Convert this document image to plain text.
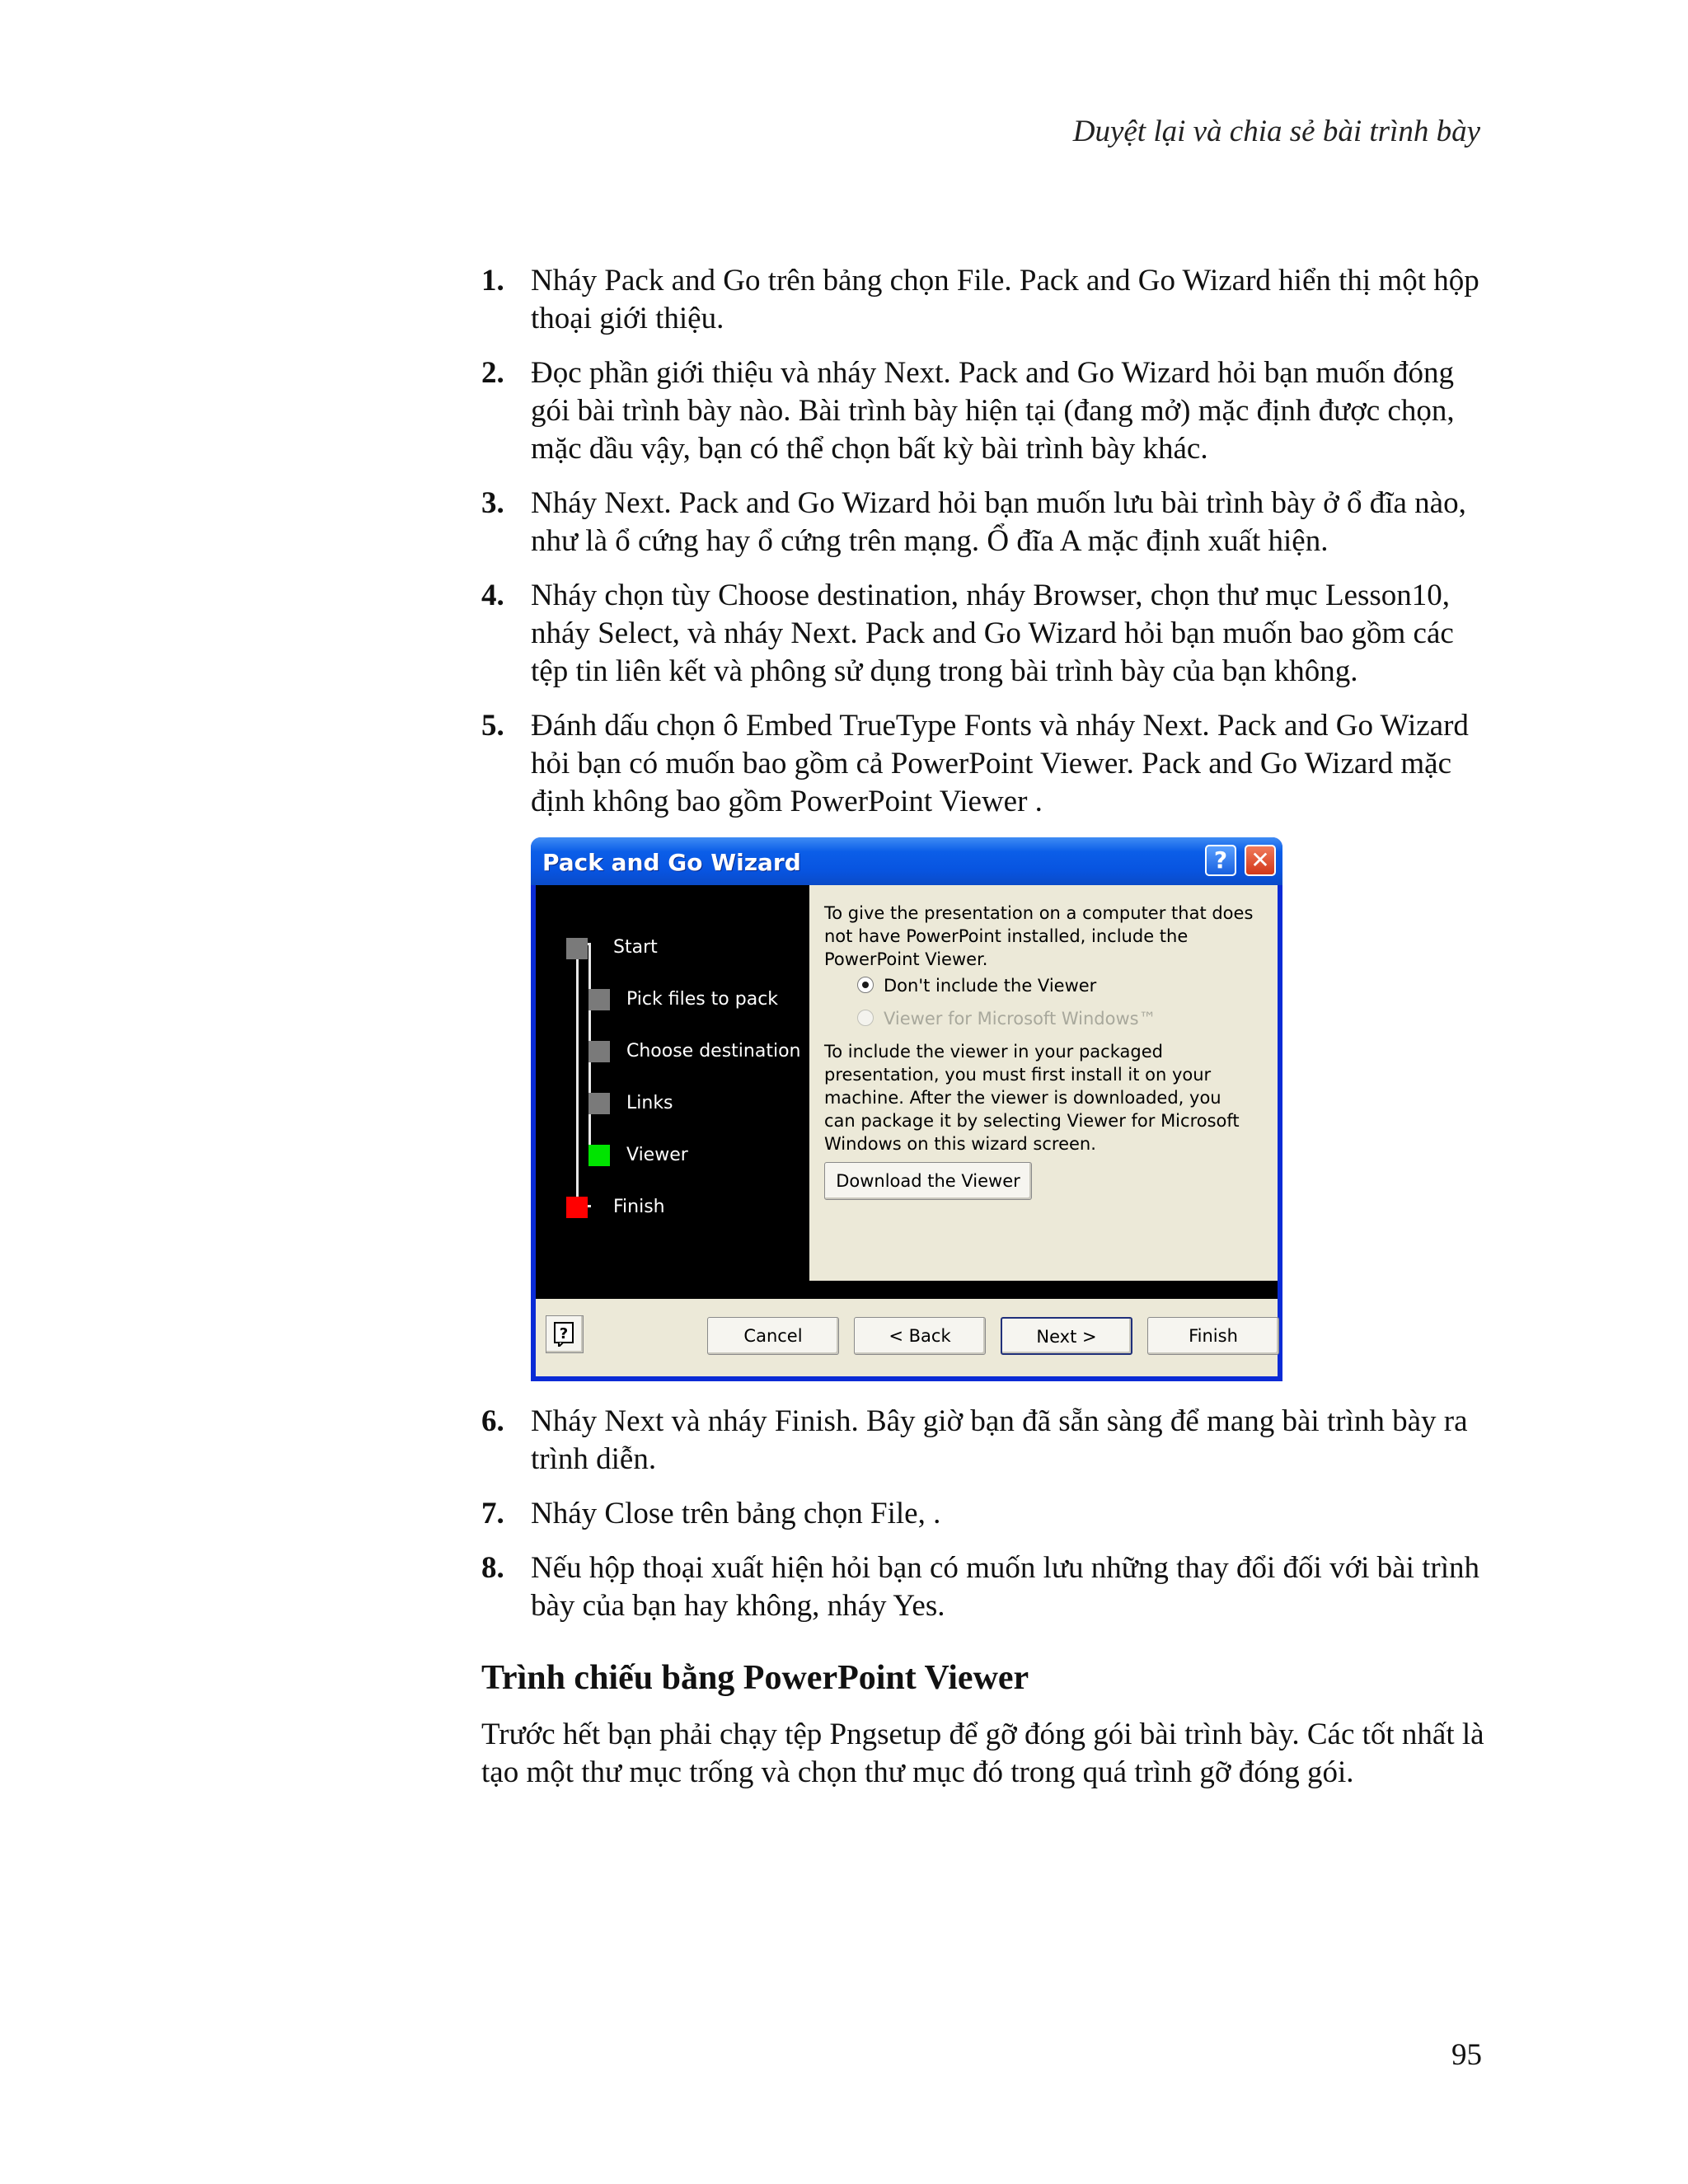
Duyệt lại và chia sẻ bài trình bày
1. Nháy Pack and Go trên bảng chọn File. Pack and Go Wizard hiển thị một hộp thoại giới thiệu.
2. Đọc phần giới thiệu và nháy Next. Pack and Go Wizard hỏi bạn muốn đóng gói bài trình bày nào. Bài trình bày hiện tại (đang mở) mặc định được chọn, mặc dầu vậy, bạn có thể chọn bất kỳ bài trình bày khác.
3. Nháy Next. Pack and Go Wizard hỏi bạn muốn lưu bài trình bày ở ổ đĩa nào, như là ổ cứng hay ổ cứng trên mạng. Ổ đĩa A mặc định xuất hiện.
4. Nháy chọn tùy Choose destination, nháy Browser, chọn thư mục Lesson10, nháy Select, và nháy Next. Pack and Go Wizard hỏi bạn muốn bao gồm các tệp tin liên kết và phông sử dụng trong bài trình bày của bạn không.
5. Đánh dấu chọn ô Embed TrueType Fonts và nháy Next. Pack and Go Wizard hỏi bạn có muốn bao gồm cả PowerPoint Viewer. Pack and Go Wizard mặc định không bao gồm PowerPoint Viewer .
Pack and Go Wizard	?	✕
Start
Pick files to pack
Choose destination
Links
Viewer
Finish
To give the presentation on a computer that does not have PowerPoint installed, include the PowerPoint Viewer.
Don't include the Viewer
Viewer for Microsoft Windows™
To include the viewer in your packaged presentation, you must first install it on your machine. After the viewer is downloaded, you can package it by selecting Viewer for Microsoft Windows on this wizard screen.
Download the Viewer
?	Cancel	< Back	Next >	Finish
6. Nháy Next và nháy Finish. Bây giờ bạn đã sẵn sàng để mang bài trình bày ra trình diễn.
7. Nháy Close trên bảng chọn File, .
8. Nếu hộp thoại xuất hiện hỏi bạn có muốn lưu những thay đổi đối với bài trình bày của bạn hay không, nháy Yes.
Trình chiếu bằng PowerPoint Viewer
Trước hết bạn phải chạy tệp Pngsetup để gỡ đóng gói bài trình bày. Các tốt nhất là tạo một thư mục trống và chọn thư mục đó trong quá trình gỡ đóng gói.
95
